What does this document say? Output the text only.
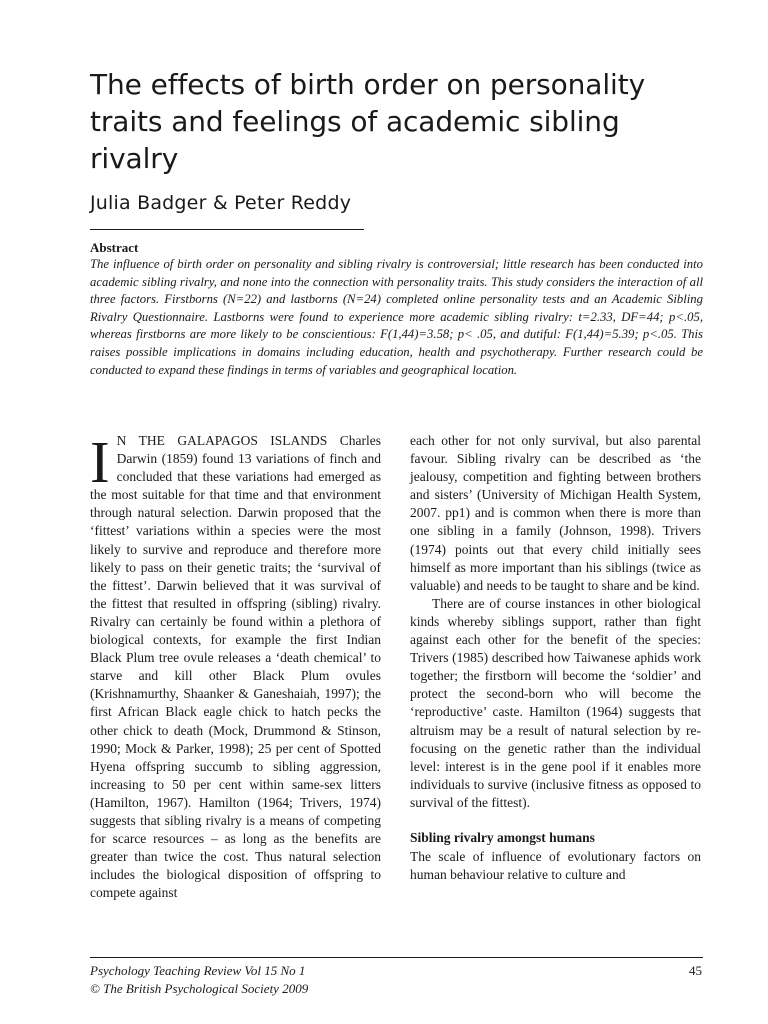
The effects of birth order on personality traits and feelings of academic sibling rivalry

Julia Badger & Peter Reddy

Abstract

The influence of birth order on personality and sibling rivalry is controversial; little research has been conducted into academic sibling rivalry, and none into the connection with personality traits. This study considers the interaction of all three factors. Firstborns (N=22) and lastborns (N=24) completed online personality tests and an Academic Sibling Rivalry Questionnaire. Lastborns were found to experience more academic sibling rivalry: t=2.33, DF=44; p<.05, whereas firstborns are more likely to be conscientious: F(1,44)=3.58; p< .05, and dutiful: F(1,44)=5.39; p<.05. This raises possible implications in domains including education, health and psychotherapy. Further research could be conducted to expand these findings in terms of variables and geographical location.

I N THE GALAPAGOS ISLANDS Charles Darwin (1859) found 13 variations of finch and concluded that these variations had emerged as the most suitable for that time and that environment through natural selection. Darwin proposed that the ‘fittest’ variations within a species were the most likely to survive and reproduce and therefore more likely to pass on their genetic traits; the ‘survival of the fittest’. Darwin believed that it was survival of the fittest that resulted in offspring (sibling) rivalry. Rivalry can certainly be found within a plethora of biological contexts, for example the first Indian Black Plum tree ovule releases a ‘death chemical’ to starve and kill other Black Plum ovules (Krishnamurthy, Shaanker & Ganeshaiah, 1997); the first African Black eagle chick to hatch pecks the other chick to death (Mock, Drummond & Stinson, 1990; Mock & Parker, 1998); 25 per cent of Spotted Hyena offspring succumb to sibling aggression, increasing to 50 per cent within same-sex litters (Hamilton, 1967). Hamilton (1964; Trivers, 1974) suggests that sibling rivalry is a means of competing for scarce resources – as long as the benefits are greater than twice the cost. Thus natural selection includes the biological disposition of offspring to compete against

each other for not only survival, but also parental favour. Sibling rivalry can be described as ‘the jealousy, competition and fighting between brothers and sisters’ (University of Michigan Health System, 2007. pp1) and is common when there is more than one sibling in a family (Johnson, 1998). Trivers (1974) points out that every child initially sees himself as more important than his siblings (twice as valuable) and needs to be taught to share and be kind.

There are of course instances in other biological kinds whereby siblings support, rather than fight against each other for the benefit of the species: Trivers (1985) described how Taiwanese aphids work together; the firstborn will become the ‘soldier’ and protect the second-born who will become the ‘reproductive’ caste. Hamilton (1964) suggests that altruism may be a result of natural selection by re-focusing on the genetic rather than the individual level: interest is in the gene pool if it enables more individuals to survive (inclusive fitness as opposed to survival of the fittest).

Sibling rivalry amongst humans

The scale of influence of evolutionary factors on human behaviour relative to culture and

Psychology Teaching Review Vol 15 No 1

© The British Psychological Society 2009

45
